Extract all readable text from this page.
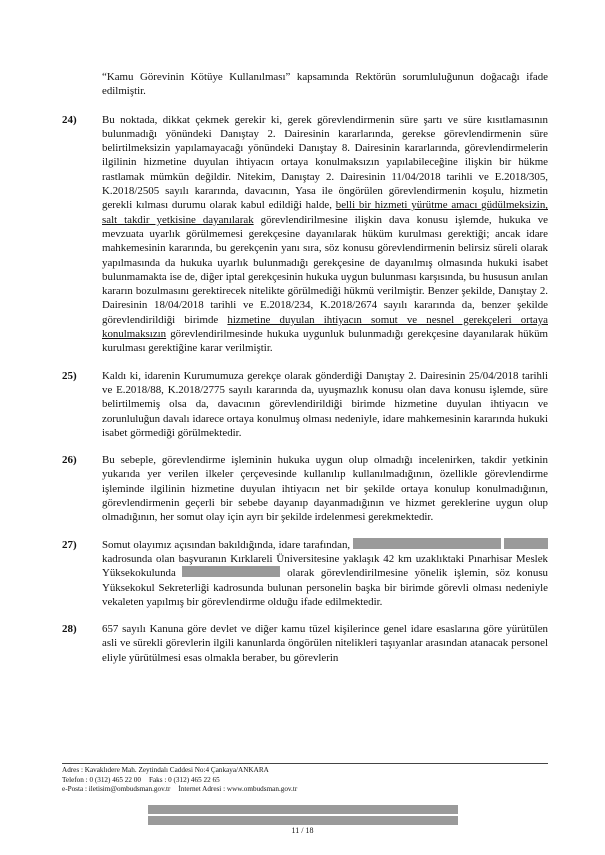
“Kamu Görevinin Kötüye Kullanılması” kapsamında Rektörün sorumluluğunun doğacağı ifade edilmiştir.

24)	Bu noktada, dikkat çekmek gerekir ki, gerek görevlendirmenin süre şartı ve süre kısıtlamasının bulunmadığı yönündeki Danıştay 2. Dairesinin kararlarında, gerekse görevlendirmenin süre belirtilmeksizin yapılamayacağı yönündeki Danıştay 8. Dairesinin kararlarında, görevlendirmelerin ilgilinin hizmetine duyulan ihtiyacın ortaya konulmaksızın yapılabileceğine ilişkin bir hükme rastlamak mümkün değildir. Nitekim, Danıştay 2. Dairesinin 11/04/2018 tarihli ve E.2018/305, K.2018/2505 sayılı kararında, davacının, Yasa ile öngörülen görevlendirmenin koşulu, hizmetin gerekli kılması durumu olarak kabul edildiği halde, belli bir hizmeti yürütme amacı güdülmeksizin, salt takdir yetkisine dayanılarak görevlendirilmesine ilişkin dava konusu işlemde, hukuka ve mevzuata uyarlık görülmemesi gerekçesine dayanılarak hüküm kurulması gerektiği; ancak idare mahkemesinin kararında, bu gerekçenin yanı sıra, söz konusu görevlendirmenin belirsiz süreli olarak yapılmasında da hukuka uyarlık bulunmadığı gerekçesine de dayanılmış olmasında hukuki isabet bulunmamakta ise de, diğer iptal gerekçesinin hukuka uygun bulunması karşısında, bu hususun anılan kararın bozulmasını gerektirecek nitelikte görülmediği hükmü verilmiştir. Benzer şekilde, Danıştay 2. Dairesinin 18/04/2018 tarihli ve E.2018/234, K.2018/2674 sayılı kararında da, benzer şekilde görevlendirildiği birimde hizmetine duyulan ihtiyacın somut ve nesnel gerekçeleri ortaya konulmaksızın görevlendirilmesinde hukuka uygunluk bulunmadığı gerekçesine dayanılarak hüküm kurulması gerektiğine karar verilmiştir.

25)	Kaldı ki, idarenin Kurumumuza gerekçe olarak gönderdiği Danıştay 2. Dairesinin 25/04/2018 tarihli ve E.2018/88, K.2018/2775 sayılı kararında da, uyuşmazlık konusu olan dava konusu işlemde, süre belirtilmemiş olsa da, davacının görevlendirildiği birimde hizmetine duyulan ihtiyacın ve zorunluluğun davalı idarece ortaya konulmuş olması nedeniyle, idare mahkemesinin kararında hukuki isabet görmediği görülmektedir.

26)	Bu sebeple, görevlendirme işleminin hukuka uygun olup olmadığı incelenirken, takdir yetkinin yukarıda yer verilen ilkeler çerçevesinde kullanılıp kullanılmadığının, özellikle görevlendirme işleminde ilgilinin hizmetine duyulan ihtiyacın net bir şekilde ortaya konulup konulmadığının, görevlendirmenin geçerli bir sebebe dayanıp dayanmadığının ve hizmet gereklerine uygun olup olmadığının, her somut olay için ayrı bir şekilde irdelenmesi gerekmektedir.

27)	Somut olayımız açısından bakıldığında, idare tarafından,  kadrosunda olan başvuranın Kırklareli Üniversitesine yaklaşık 42 km uzaklıktaki Pınarhisar Meslek Yüksekokulunda	olarak görevlendirilmesine yönelik işlemin, söz konusu Yüksekokul Sekreterliği kadrosunda bulunan personelin başka bir birimde görevli olması nedeniyle vekaleten yapılmış bir görevlendirme olduğu ifade edilmektedir.

28)	657 sayılı Kanuna göre devlet ve diğer kamu tüzel kişilerince genel idare esaslarına göre yürütülen asli ve sürekli görevlerin ilgili kanunlarda öngörülen nitelikleri taşıyanlar arasından atanacak personel eliyle yürütülmesi esas olmakla beraber, bu görevlerin

Adres : Kavaklıdere Mah. Zeytindalı Caddesi No:4 Çankaya/ANKARA

Telefon : 0 (312) 465 22 00 Faks : 0 (312) 465 22 65

e-Posta : iletisim@ombudsman.gov.tr İnternet Adresi : www.ombudsman.gov.tr

11 / 18
